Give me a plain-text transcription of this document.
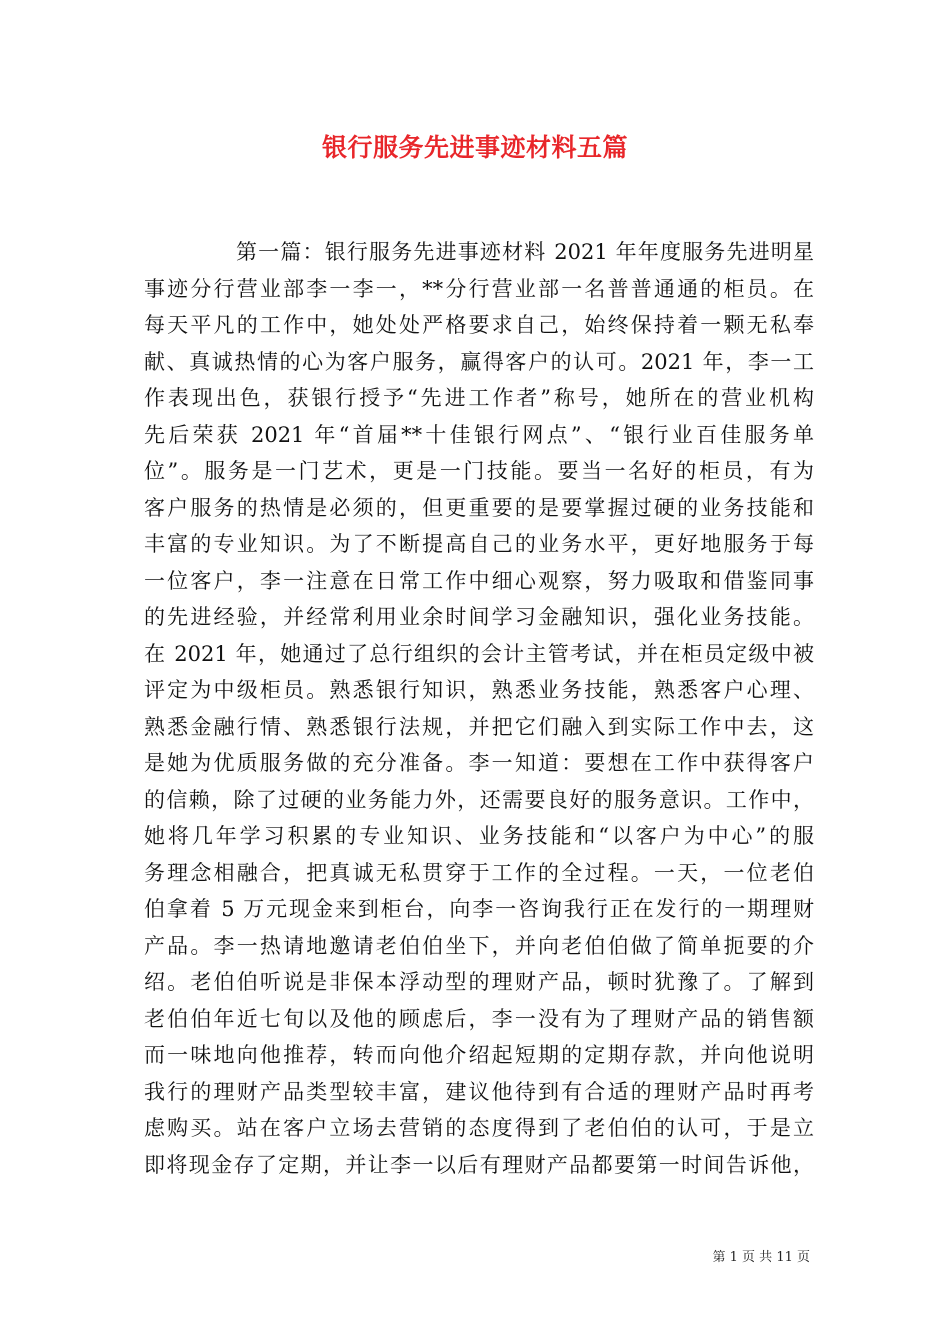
银行服务先进事迹材料五篇
第一篇：银行服务先进事迹材料 2021 年年度服务先进明星
事迹分行营业部李一李一，**分行营业部一名普普通通的柜员。在
每天平凡的工作中，她处处严格要求自己，始终保持着一颗无私奉
献、真诚热情的心为客户服务，赢得客户的认可。2021 年，李一工
作表现出色，获银行授予“先进工作者”称号，她所在的营业机构
先后荣获 2021 年“首届**十佳银行网点”、“银行业百佳服务单
位”。服务是一门艺术，更是一门技能。要当一名好的柜员，有为
客户服务的热情是必须的，但更重要的是要掌握过硬的业务技能和
丰富的专业知识。为了不断提高自己的业务水平，更好地服务于每
一位客户，李一注意在日常工作中细心观察，努力吸取和借鉴同事
的先进经验，并经常利用业余时间学习金融知识，强化业务技能。
在 2021 年，她通过了总行组织的会计主管考试，并在柜员定级中被
评定为中级柜员。熟悉银行知识，熟悉业务技能，熟悉客户心理、
熟悉金融行情、熟悉银行法规，并把它们融入到实际工作中去，这
是她为优质服务做的充分准备。李一知道：要想在工作中获得客户
的信赖，除了过硬的业务能力外，还需要良好的服务意识。工作中，
她将几年学习积累的专业知识、业务技能和“以客户为中心”的服
务理念相融合，把真诚无私贯穿于工作的全过程。一天，一位老伯
伯拿着 5 万元现金来到柜台，向李一咨询我行正在发行的一期理财
产品。李一热请地邀请老伯伯坐下，并向老伯伯做了简单扼要的介
绍。老伯伯听说是非保本浮动型的理财产品，顿时犹豫了。了解到
老伯伯年近七旬以及他的顾虑后，李一没有为了理财产品的销售额
而一味地向他推荐，转而向他介绍起短期的定期存款，并向他说明
我行的理财产品类型较丰富，建议他待到有合适的理财产品时再考
虑购买。站在客户立场去营销的态度得到了老伯伯的认可，于是立
即将现金存了定期，并让李一以后有理财产品都要第一时间告诉他，
第 1 页 共 11 页
